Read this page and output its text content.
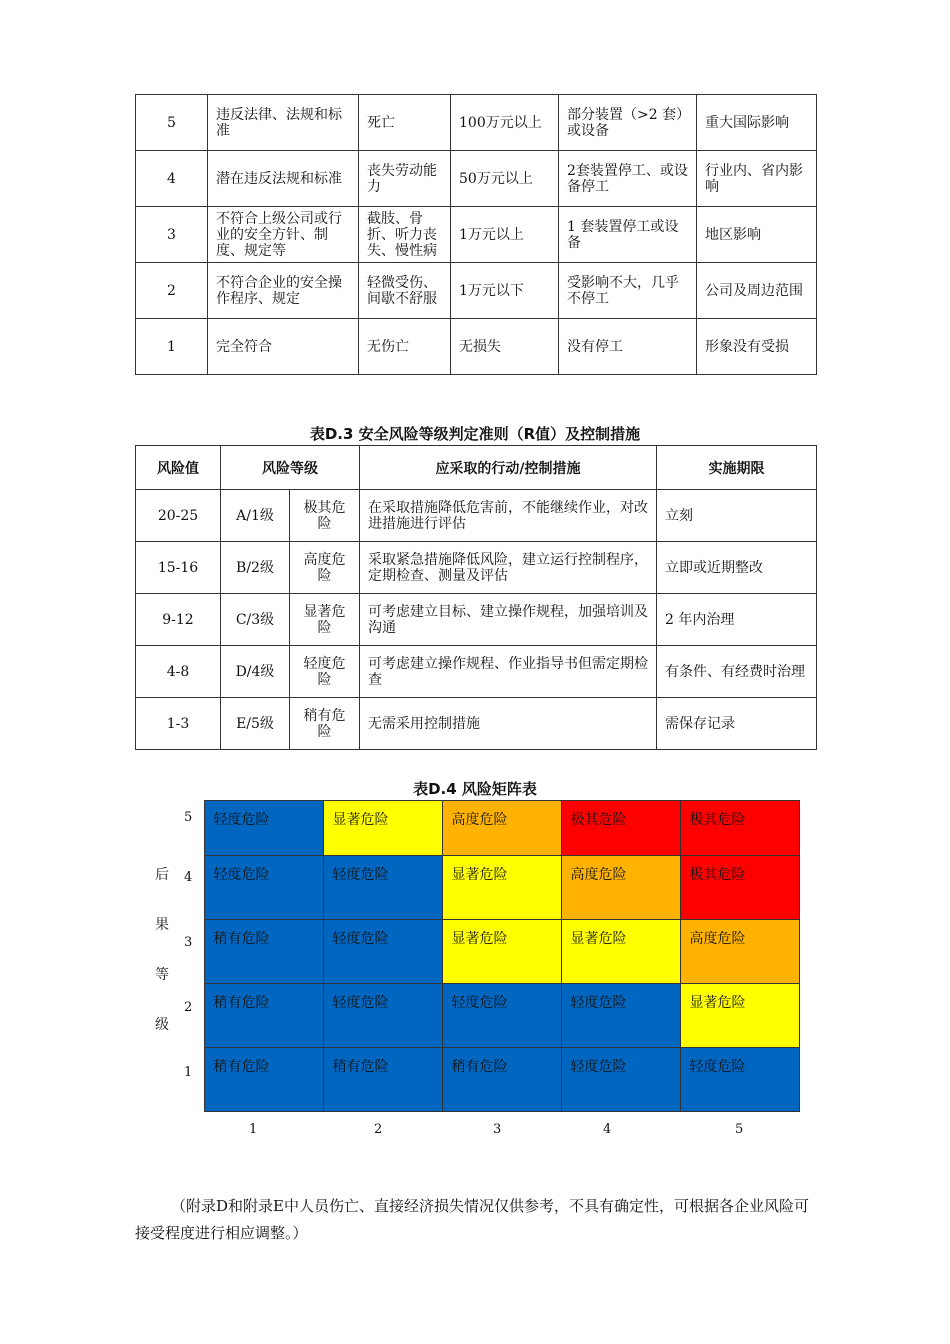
5	违反法律、法规和标准	死亡	100万元以上	部分装置（>2 套）或设备	重大国际影响
4	潜在违反法规和标准	丧失劳动能力	50万元以上	2套装置停工、或设备停工	行业内、省内影响
3	不符合上级公司或行业的安全方针、制度、规定等	截肢、骨折、听力丧失、慢性病	1万元以上	1 套装置停工或设备	地区影响
2	不符合企业的安全操作程序、规定	轻微受伤、间歇不舒服	1万元以下	受影响不大，几乎不停工	公司及周边范围
1	完全符合	无伤亡	无损失	没有停工	形象没有受损
表D.3 安全风险等级判定准则（R值）及控制措施
风险值	风险等级		应采取的行动/控制措施	实施期限
20-25	A/1级	极其危险	在采取措施降低危害前，不能继续作业，对改进措施进行评估	立刻
15-16	B/2级	高度危险	采取紧急措施降低风险，建立运行控制程序，定期检查、测量及评估	立即或近期整改
9-12	C/3级	显著危险	可考虑建立目标、建立操作规程，加强培训及沟通	2 年内治理
4-8	D/4级	轻度危险	可考虑建立操作规程、作业指导书但需定期检查	有条件、有经费时治理
1-3	E/5级	稍有危险	无需采用控制措施	需保存记录
表D.4 风险矩阵表
轻度危险	显著危险	高度危险	极其危险	极其危险
轻度危险	轻度危险	显著危险	高度危险	极其危险
稍有危险	轻度危险	显著危险	显著危险	高度危险
稍有危险	轻度危险	轻度危险	轻度危险	显著危险
稍有危险	稍有危险	稍有危险	轻度危险	轻度危险
5
4
3
2
1
1	2	3	4	5
后
果
等
级
（附录D和附录E中人员伤亡、直接经济损失情况仅供参考，不具有确定性，可根据各企业风险可接受程度进行相应调整。）
